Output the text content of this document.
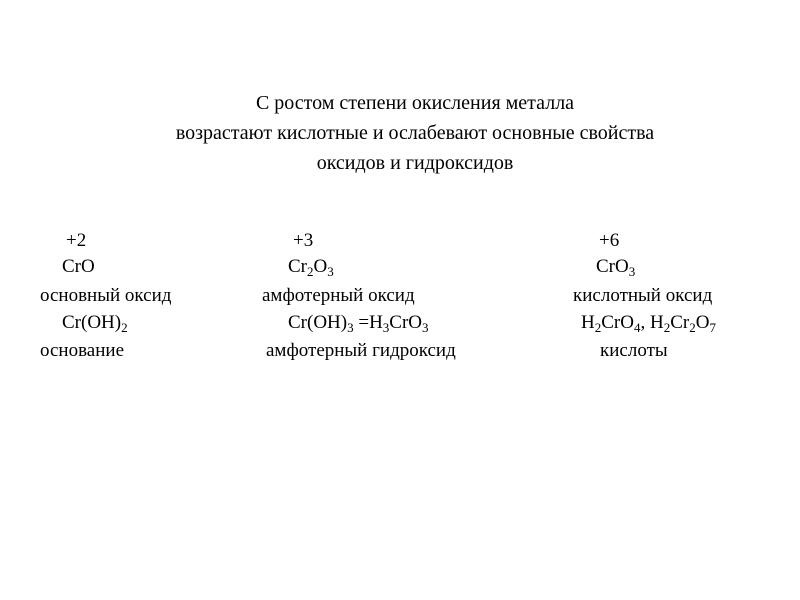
С ростом степени окисления металла
возрастают кислотные и ослабевают основные свойства
оксидов и гидроксидов
+2
CrO
основный оксид
$Cr(OH)_2$
основание
+3
$Cr_2O_3$
амфотерный оксид
$Cr(OH)_3 =H_3CrO_3$
амфотерный гидроксид
+6
CrO$_3$
кислотный оксид
$H_2CrO_4$, $H_2Cr_2O_7$
кислоты
